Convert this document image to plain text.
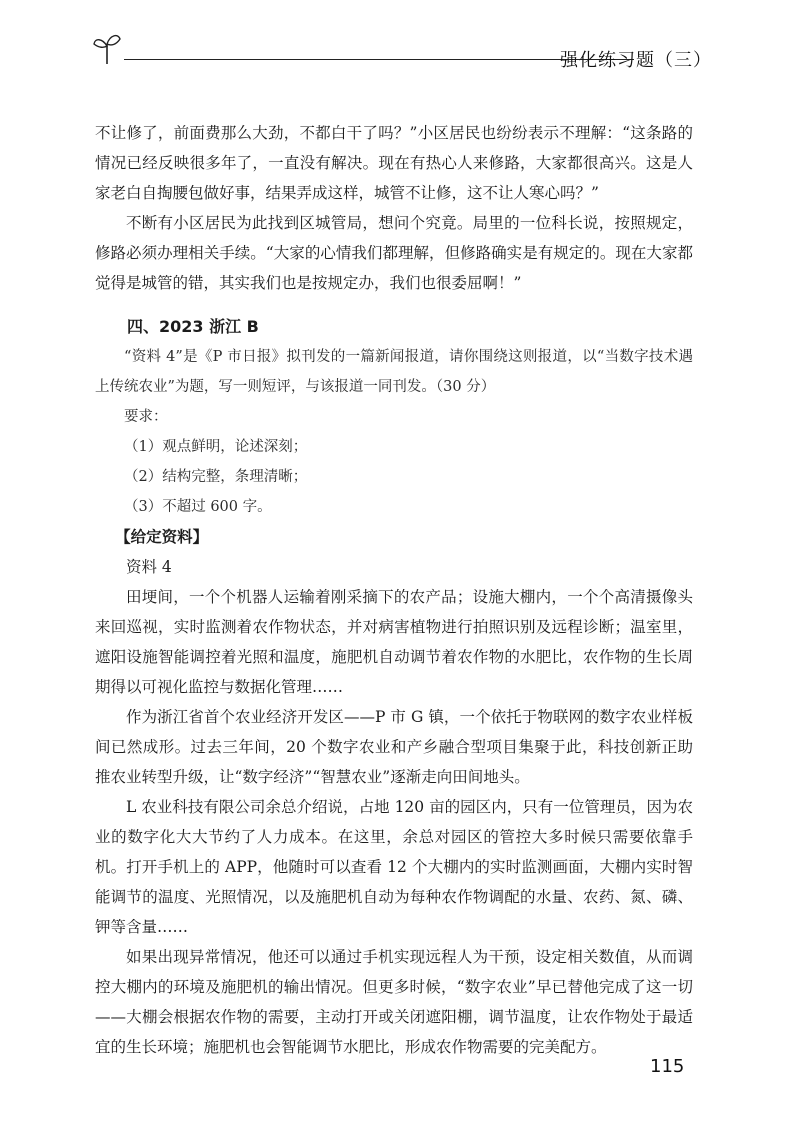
强化练习题（三）

不让修了，前面费那么大劲，不都白干了吗？”小区居民也纷纷表示不理解：“这条路的情况已经反映很多年了，一直没有解决。现在有热心人来修路，大家都很高兴。这是人家老白自掏腰包做好事，结果弄成这样，城管不让修，这不让人寒心吗？”

不断有小区居民为此找到区城管局，想问个究竟。局里的一位科长说，按照规定，修路必须办理相关手续。“大家的心情我们都理解，但修路确实是有规定的。现在大家都觉得是城管的错，其实我们也是按规定办，我们也很委屈啊！”

四、2023 浙江 B

“资料 4”是《P 市日报》拟刊发的一篇新闻报道，请你围绕这则报道，以“当数字技术遇上传统农业”为题，写一则短评，与该报道一同刊发。（30 分）

要求：

（1）观点鲜明，论述深刻；

（2）结构完整，条理清晰；

（3）不超过 600 字。

【给定资料】

资料 4

田埂间，一个个机器人运输着刚采摘下的农产品；设施大棚内，一个个高清摄像头来回巡视，实时监测着农作物状态，并对病害植物进行拍照识别及远程诊断；温室里，遮阳设施智能调控着光照和温度，施肥机自动调节着农作物的水肥比，农作物的生长周期得以可视化监控与数据化管理……

作为浙江省首个农业经济开发区——P 市 G 镇，一个依托于物联网的数字农业样板间已然成形。过去三年间，20 个数字农业和产乡融合型项目集聚于此，科技创新正助推农业转型升级，让“数字经济”“智慧农业”逐渐走向田间地头。

L 农业科技有限公司余总介绍说，占地 120 亩的园区内，只有一位管理员，因为农业的数字化大大节约了人力成本。在这里，余总对园区的管控大多时候只需要依靠手机。打开手机上的 APP，他随时可以查看 12 个大棚内的实时监测画面，大棚内实时智能调节的温度、光照情况，以及施肥机自动为每种农作物调配的水量、农药、氮、磷、钾等含量……

如果出现异常情况，他还可以通过手机实现远程人为干预，设定相关数值，从而调控大棚内的环境及施肥机的输出情况。但更多时候，“数字农业”早已替他完成了这一切——大棚会根据农作物的需要，主动打开或关闭遮阳棚，调节温度，让农作物处于最适宜的生长环境；施肥机也会智能调节水肥比，形成农作物需要的完美配方。

115
